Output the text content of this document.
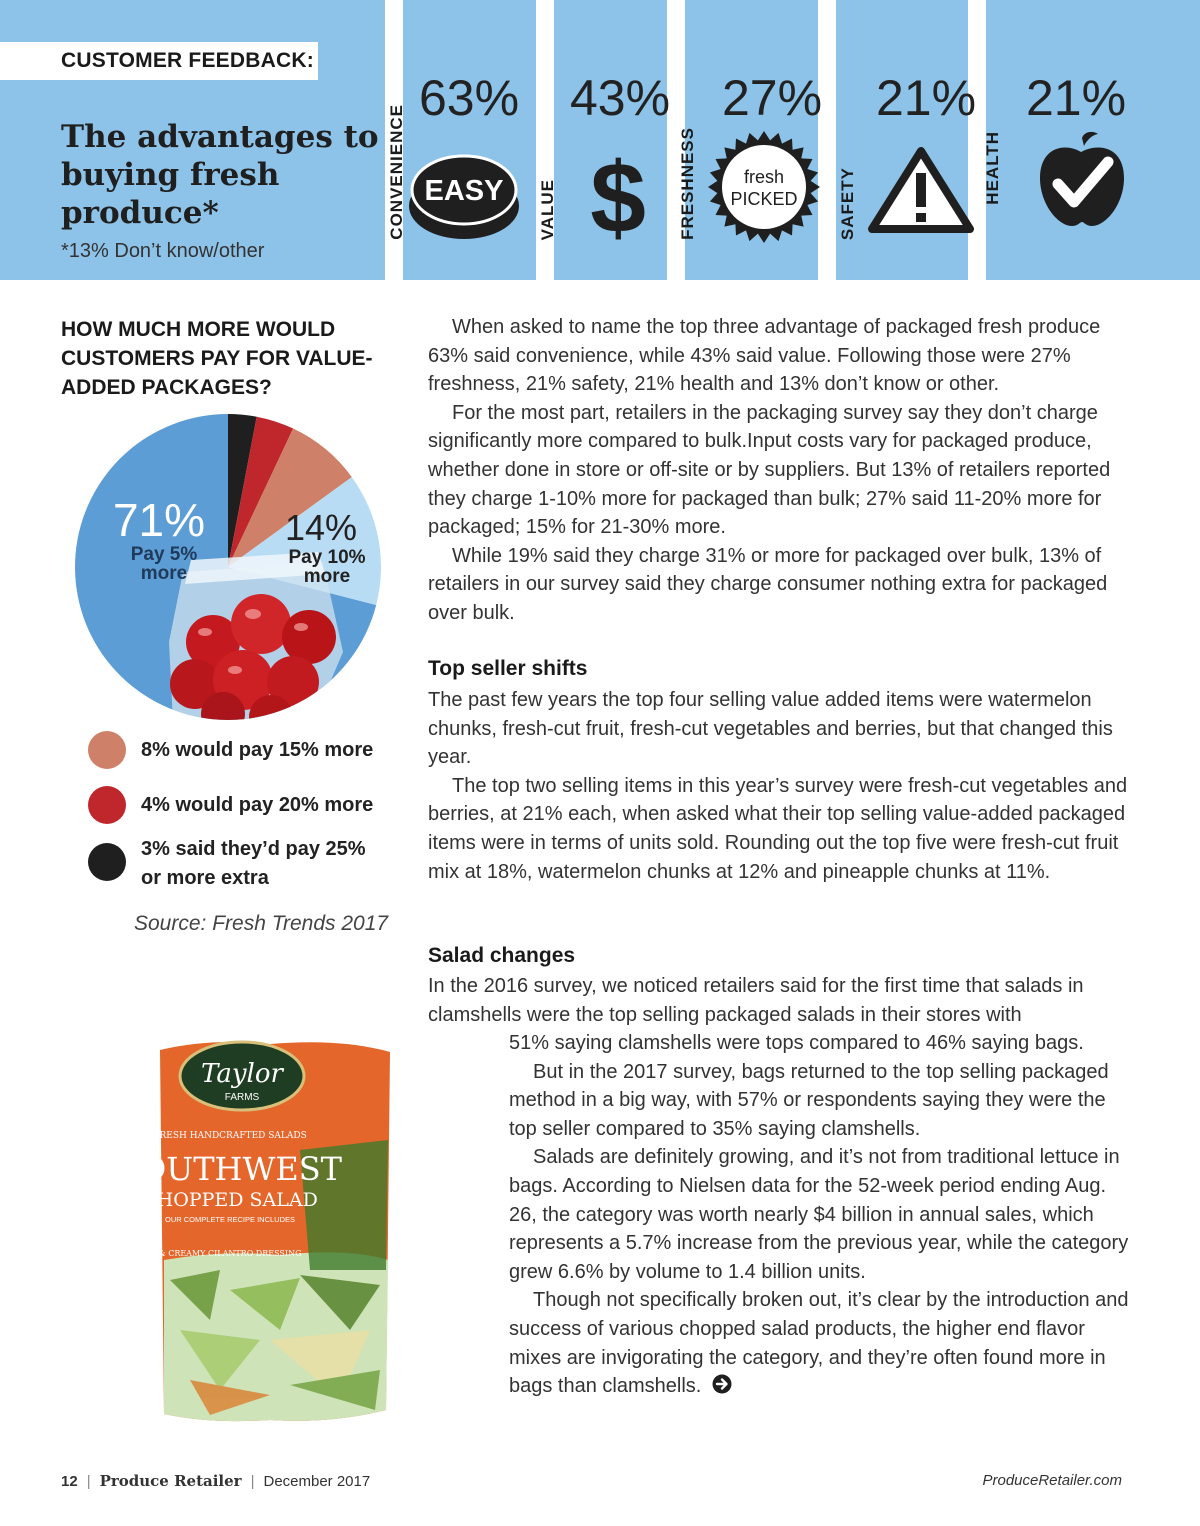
CUSTOMER FEEDBACK:
The advantages to buying fresh produce*
*13% Don’t know/other
CONVENIENCE
63%
EASY VALUE
43%
$ FRESHNESS
27%
fresh
PICKED SAFETY
21%
HEALTH
21%
HOW MUCH MORE WOULD CUSTOMERS PAY FOR VALUE-ADDED PACKAGES?
71%
Pay 5%
more
14%
Pay 10%
more
8% would pay 15% more
4% would pay 20% more
3% said they’d pay 25%
or more extra
Source: Fresh Trends 2017
Taylor
FARMS
FRESH HANDCRAFTED SALADS
SOUTHWEST
CHOPPED SALAD
OUR COMPLETE RECIPE INCLUDES
& CREAMY CILANTRO DRESSING

When asked to name the top three advantage of packaged fresh produce 63% said convenience, while 43% said value. Following those were 27% freshness, 21% safety, 21% health and 13% don’t know or other.

For the most part, retailers in the packaging survey say they don’t charge significantly more compared to bulk.Input costs vary for packaged produce, whether done in store or off-site or by suppliers. But 13% of retailers reported they charge 1-10% more for packaged than bulk; 27% said 11-20% more for packaged; 15% for 21-30% more.

While 19% said they charge 31% or more for packaged over bulk, 13% of retailers in our survey said they charge consumer nothing extra for packaged over bulk.

Top seller shifts

The past few years the top four selling value added items were watermelon chunks, fresh-cut fruit, fresh-cut vegetables and berries, but that changed this year.

The top two selling items in this year’s survey were fresh-cut vegetables and berries, at 21% each, when asked what their top selling value-added packaged items were in terms of units sold. Rounding out the top five were fresh-cut fruit mix at 18%, watermelon chunks at 12% and pineapple chunks at 11%.

Salad changes

In the 2016 survey, we noticed retailers said for the first time that salads in clamshells were the top selling packaged salads in their stores with

51% saying clamshells were tops compared to 46% saying bags.

But in the 2017 survey, bags returned to the top selling packaged method in a big way, with 57% or respondents saying they were the top seller compared to 35% saying clamshells.

Salads are definitely growing, and it’s not from traditional lettuce in bags. According to Nielsen data for the 52-week period ending Aug. 26, the category was worth nearly $4 billion in annual sales, which represents a 5.7% increase from the previous year, while the category grew 6.6% by volume to 1.4 billion units.

Though not specifically broken out, it’s clear by the introduction and success of various chopped salad products, the higher end flavor mixes are invigorating the category, and they’re often found more in bags than clamshells.

12 | Produce Retailer | December 2017	ProduceRetailer.com
